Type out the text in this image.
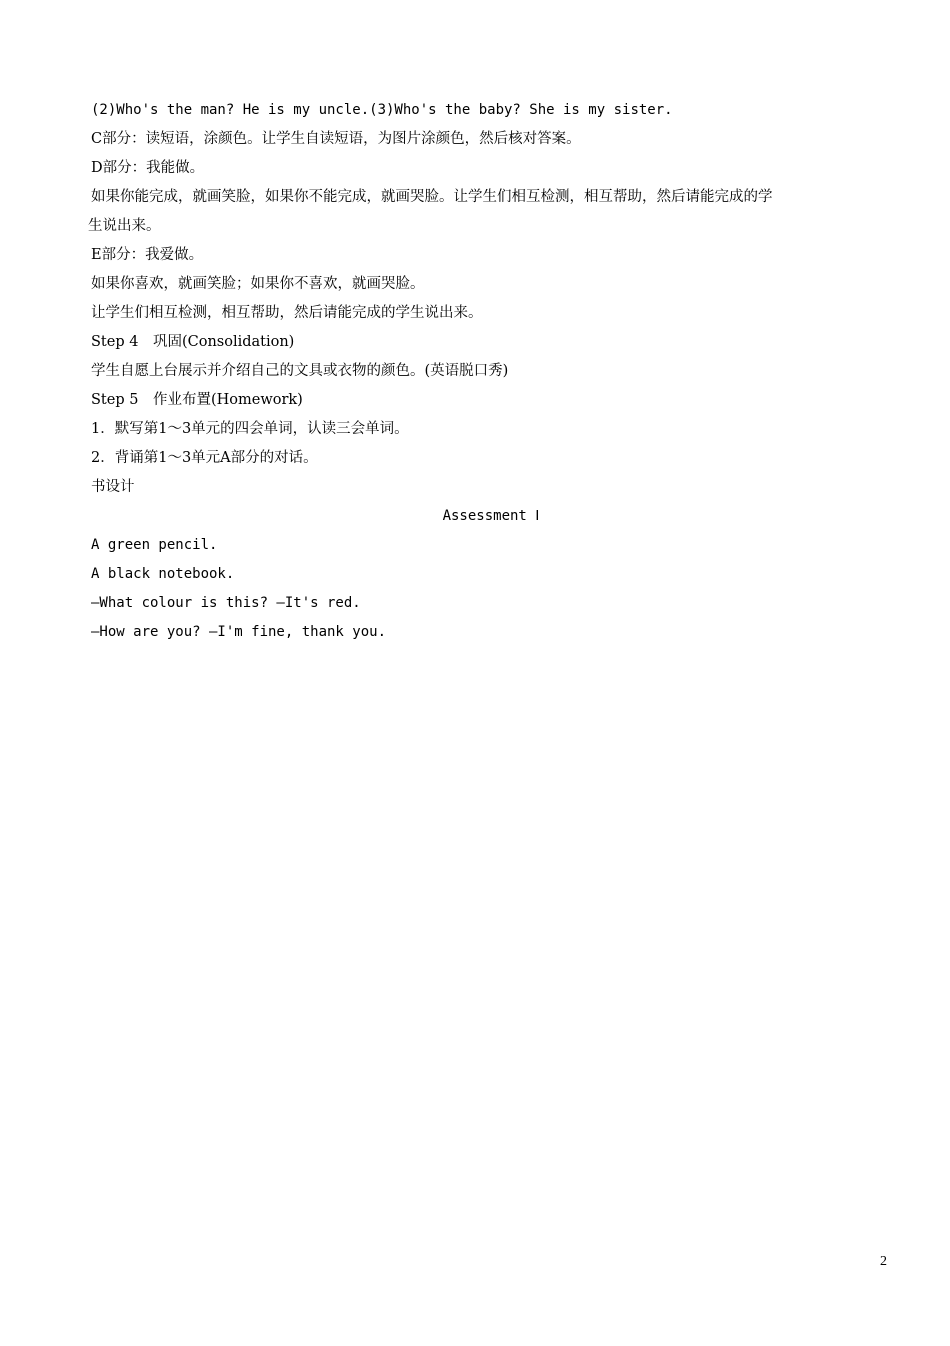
(2)Who's the man? He is my uncle.(3)Who's the baby? She is my sister.

C部分：读短语，涂颜色。让学生自读短语，为图片涂颜色，然后核对答案。

D部分：我能做。

如果你能完成，就画笑脸，如果你不能完成，就画哭脸。让学生们相互检测，相互帮助，然后请能完成的学
生说出来。

E部分：我爱做。

如果你喜欢，就画笑脸；如果你不喜欢，就画哭脸。

让学生们相互检测，相互帮助，然后请能完成的学生说出来。

Step 4　巩固(Consolidation)

学生自愿上台展示并介绍自己的文具或衣物的颜色。(英语脱口秀)

Step 5　作业布置(Homework)

1．默写第1～3单元的四会单词，认读三会单词。

2．背诵第1～3单元A部分的对话。

书设计

Assessment Ⅰ

A green pencil.

A black notebook.

—What colour is this? —It's red.

—How are you? —I'm fine, thank you.

2
